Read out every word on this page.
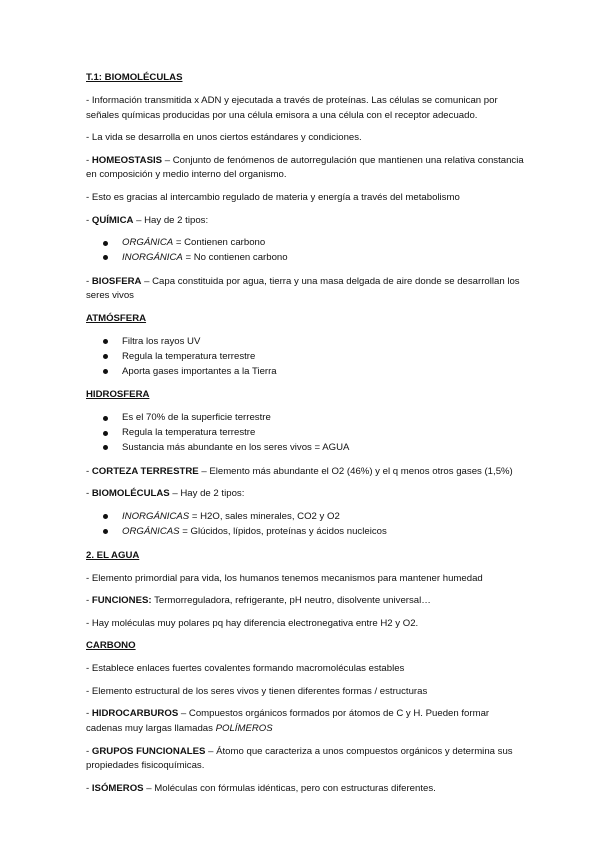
T.1: BIOMOLÉCULAS

- Información transmitida x ADN y ejecutada a través de proteínas. Las células se comunican por señales químicas producidas por una célula emisora a una célula con el receptor adecuado.

- La vida se desarrolla en unos ciertos estándares y condiciones.

- HOMEOSTASIS – Conjunto de fenómenos de autorregulación que mantienen una relativa constancia en composición y medio interno del organismo.

- Esto es gracias al intercambio regulado de materia y energía a través del metabolismo

- QUÍMICA – Hay de 2 tipos:

ORGÁNICA = Contienen carbono
INORGÁNICA = No contienen carbono

- BIOSFERA – Capa constituida por agua, tierra y una masa delgada de aire donde se desarrollan los seres vivos

ATMÓSFERA

Filtra los rayos UV
Regula la temperatura terrestre
Aporta gases importantes a la Tierra

HIDROSFERA

Es el 70% de la superficie terrestre
Regula la temperatura terrestre
Sustancia más abundante en los seres vivos = AGUA

- CORTEZA TERRESTRE – Elemento más abundante el O2 (46%) y el q menos otros gases (1,5%)

- BIOMOLÉCULAS – Hay de 2 tipos:

INORGÁNICAS = H2O, sales minerales, CO2 y O2
ORGÁNICAS = Glúcidos, lípidos, proteínas y ácidos nucleicos

2. EL AGUA

- Elemento primordial para vida, los humanos tenemos mecanismos para mantener humedad

- FUNCIONES: Termorreguladora, refrigerante, pH neutro, disolvente universal…

- Hay moléculas muy polares pq hay diferencia electronegativa entre H2 y O2.

CARBONO

- Establece enlaces fuertes covalentes formando macromoléculas estables

- Elemento estructural de los seres vivos y tienen diferentes formas / estructuras

- HIDROCARBUROS – Compuestos orgánicos formados por átomos de C y H. Pueden formar cadenas muy largas llamadas POLÍMEROS

- GRUPOS FUNCIONALES – Átomo que caracteriza a unos compuestos orgánicos y determina sus propiedades fisicoquímicas.

- ISÓMEROS – Moléculas con fórmulas idénticas, pero con estructuras diferentes.
